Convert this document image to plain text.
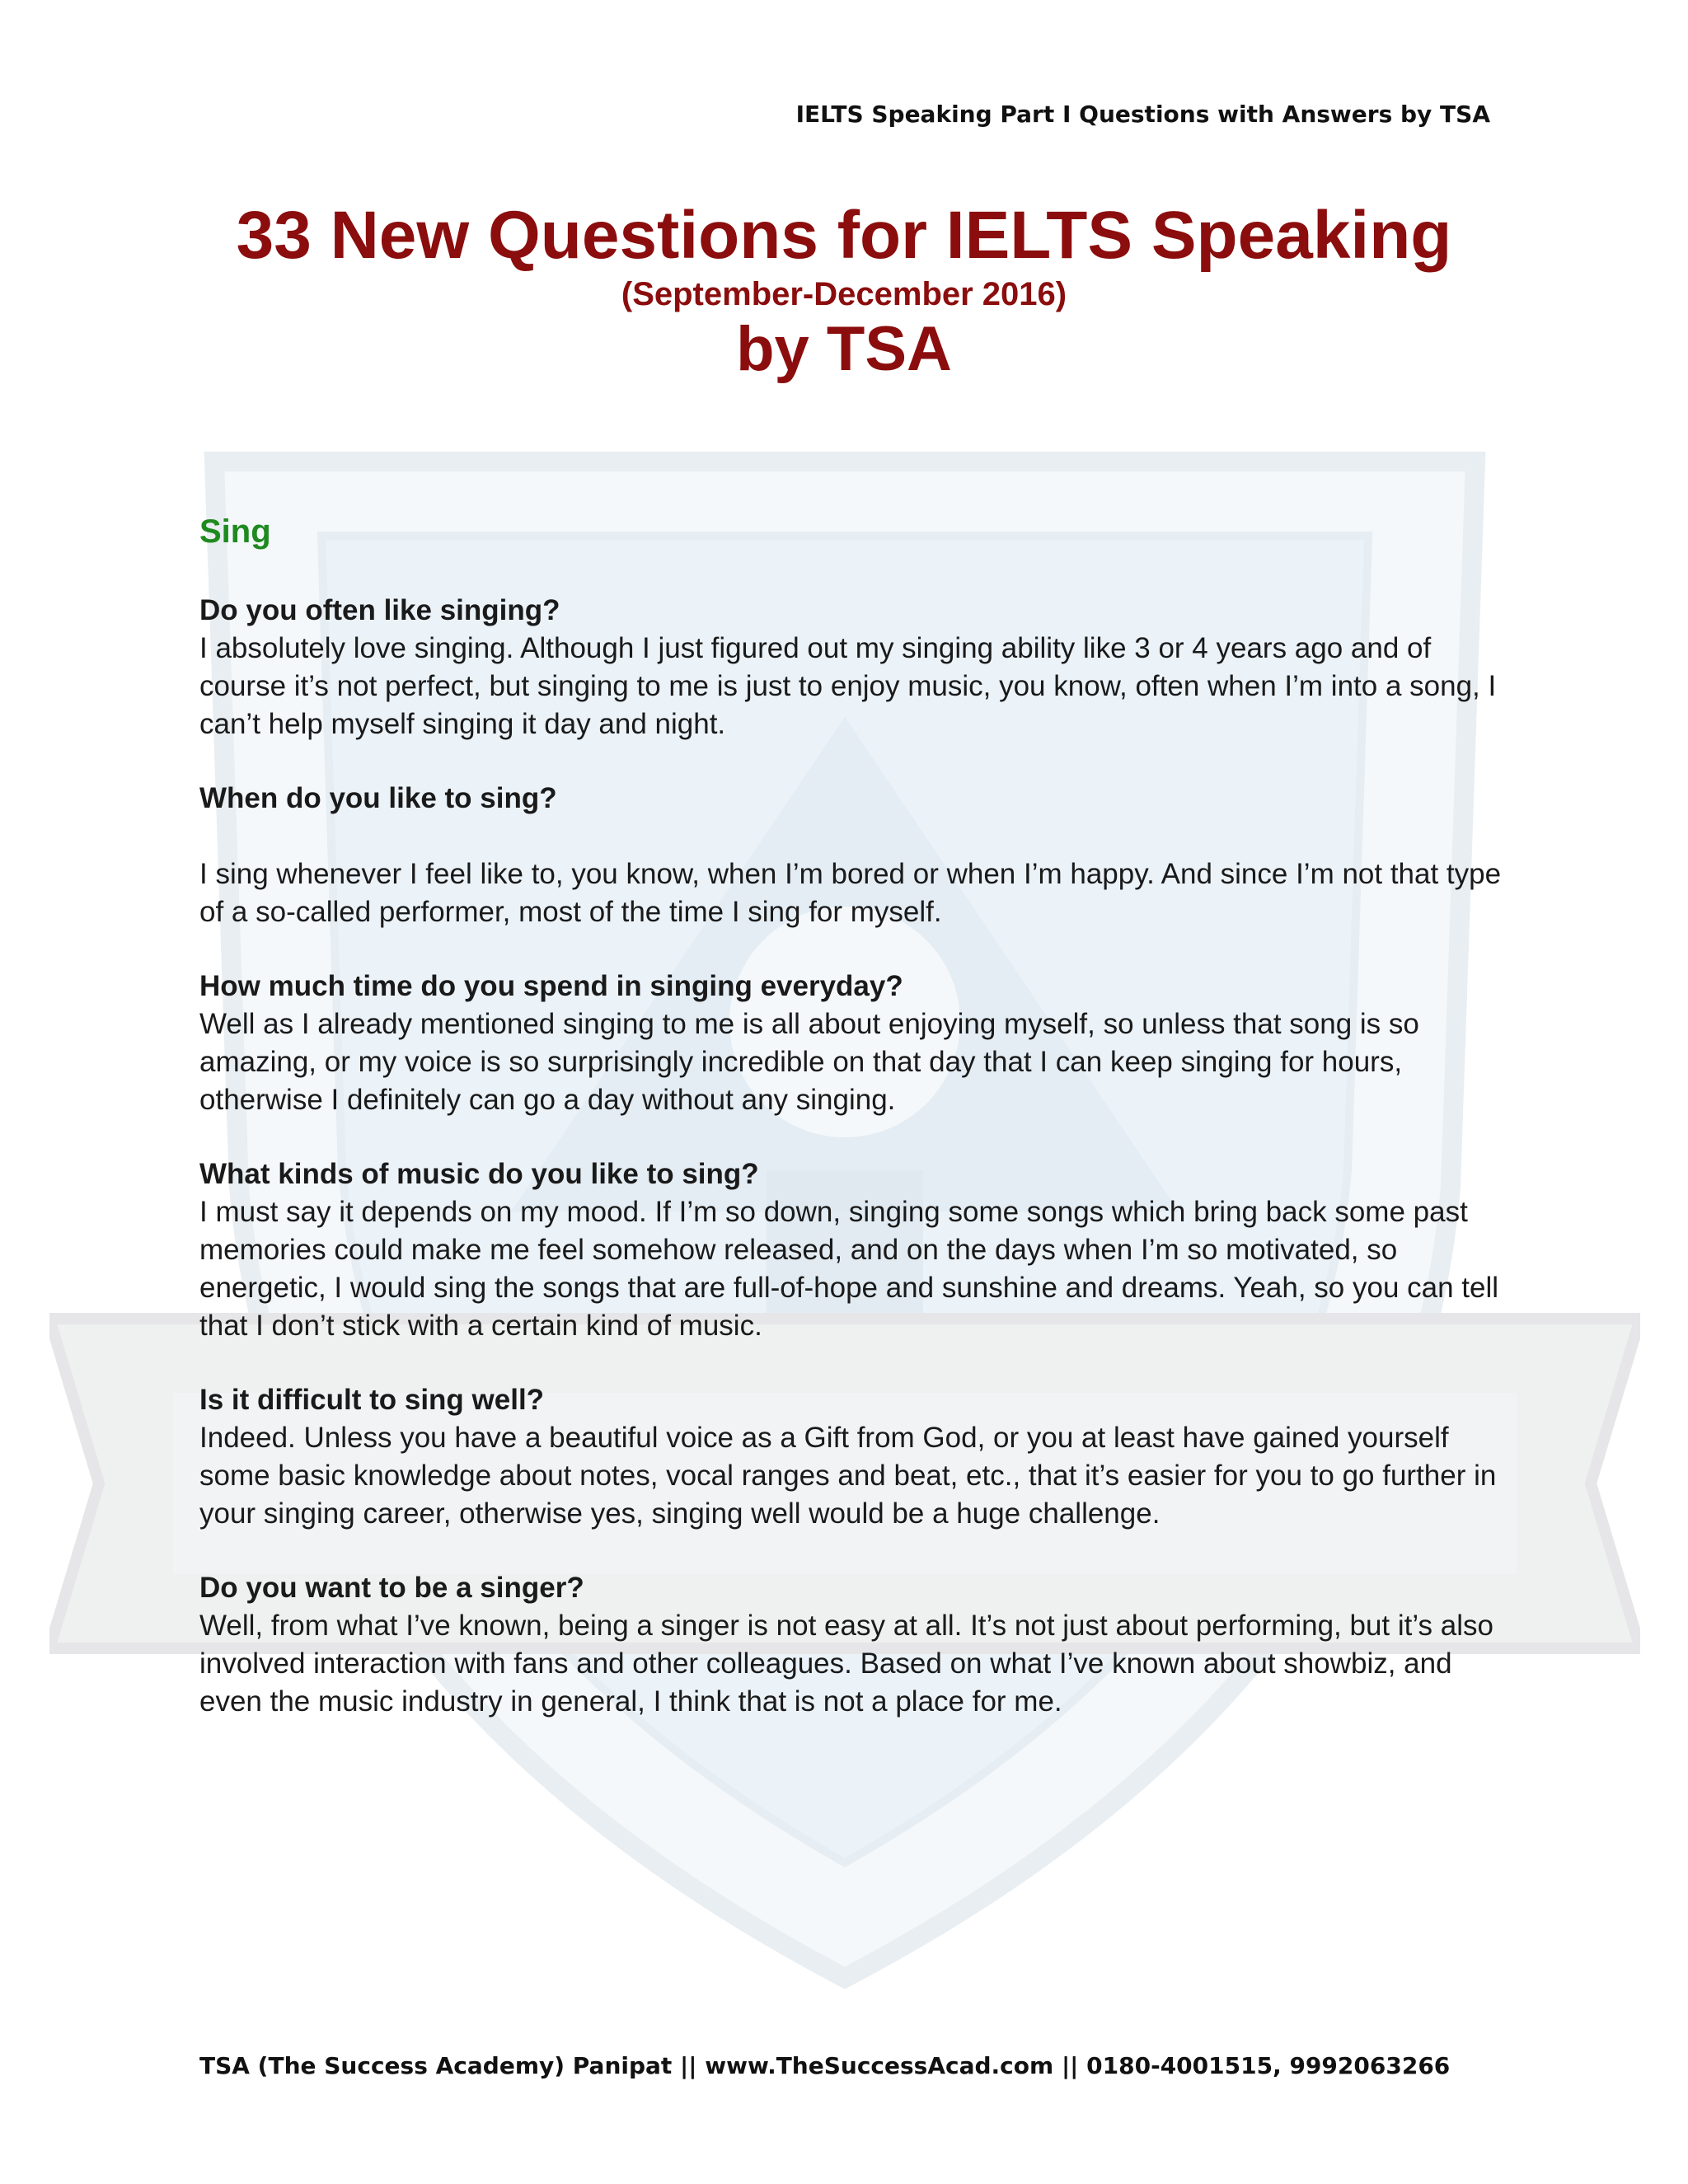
IELTS Speaking Part I Questions with Answers by TSA
33 New Questions for IELTS Speaking

(September-December 2016)

by TSA

Sing

Do you often like singing?

I absolutely love singing. Although I just figured out my singing ability like 3 or 4 years ago and of course it’s not perfect, but singing to me is just to enjoy music, you know, often when I’m into a song, I can’t help myself singing it day and night.

When do you like to sing?

I sing whenever I feel like to, you know, when I’m bored or when I’m happy. And since I’m not that type of a so-called performer, most of the time I sing for myself.

How much time do you spend in singing everyday?

Well as I already mentioned singing to me is all about enjoying myself, so unless that song is so amazing, or my voice is so surprisingly incredible on that day that I can keep singing for hours, otherwise I definitely can go a day without any singing.

What kinds of music do you like to sing?

I must say it depends on my mood. If I’m so down, singing some songs which bring back some past memories could make me feel somehow released, and on the days when I’m so motivated, so energetic, I would sing the songs that are full-of-hope and sunshine and dreams. Yeah, so you can tell that I don’t stick with a certain kind of music.

Is it difficult to sing well?

Indeed. Unless you have a beautiful voice as a Gift from God, or you at least have gained yourself some basic knowledge about notes, vocal ranges and beat, etc., that it’s easier for you to go further in your singing career, otherwise yes, singing well would be a huge challenge.

Do you want to be a singer?

Well, from what I’ve known, being a singer is not easy at all. It’s not just about performing, but it’s also involved interaction with fans and other colleagues. Based on what I’ve known about showbiz, and even the music industry in general, I think that is not a place for me.

TSA (The Success Academy) Panipat || www.TheSuccessAcad.com || 0180-4001515, 9992063266
